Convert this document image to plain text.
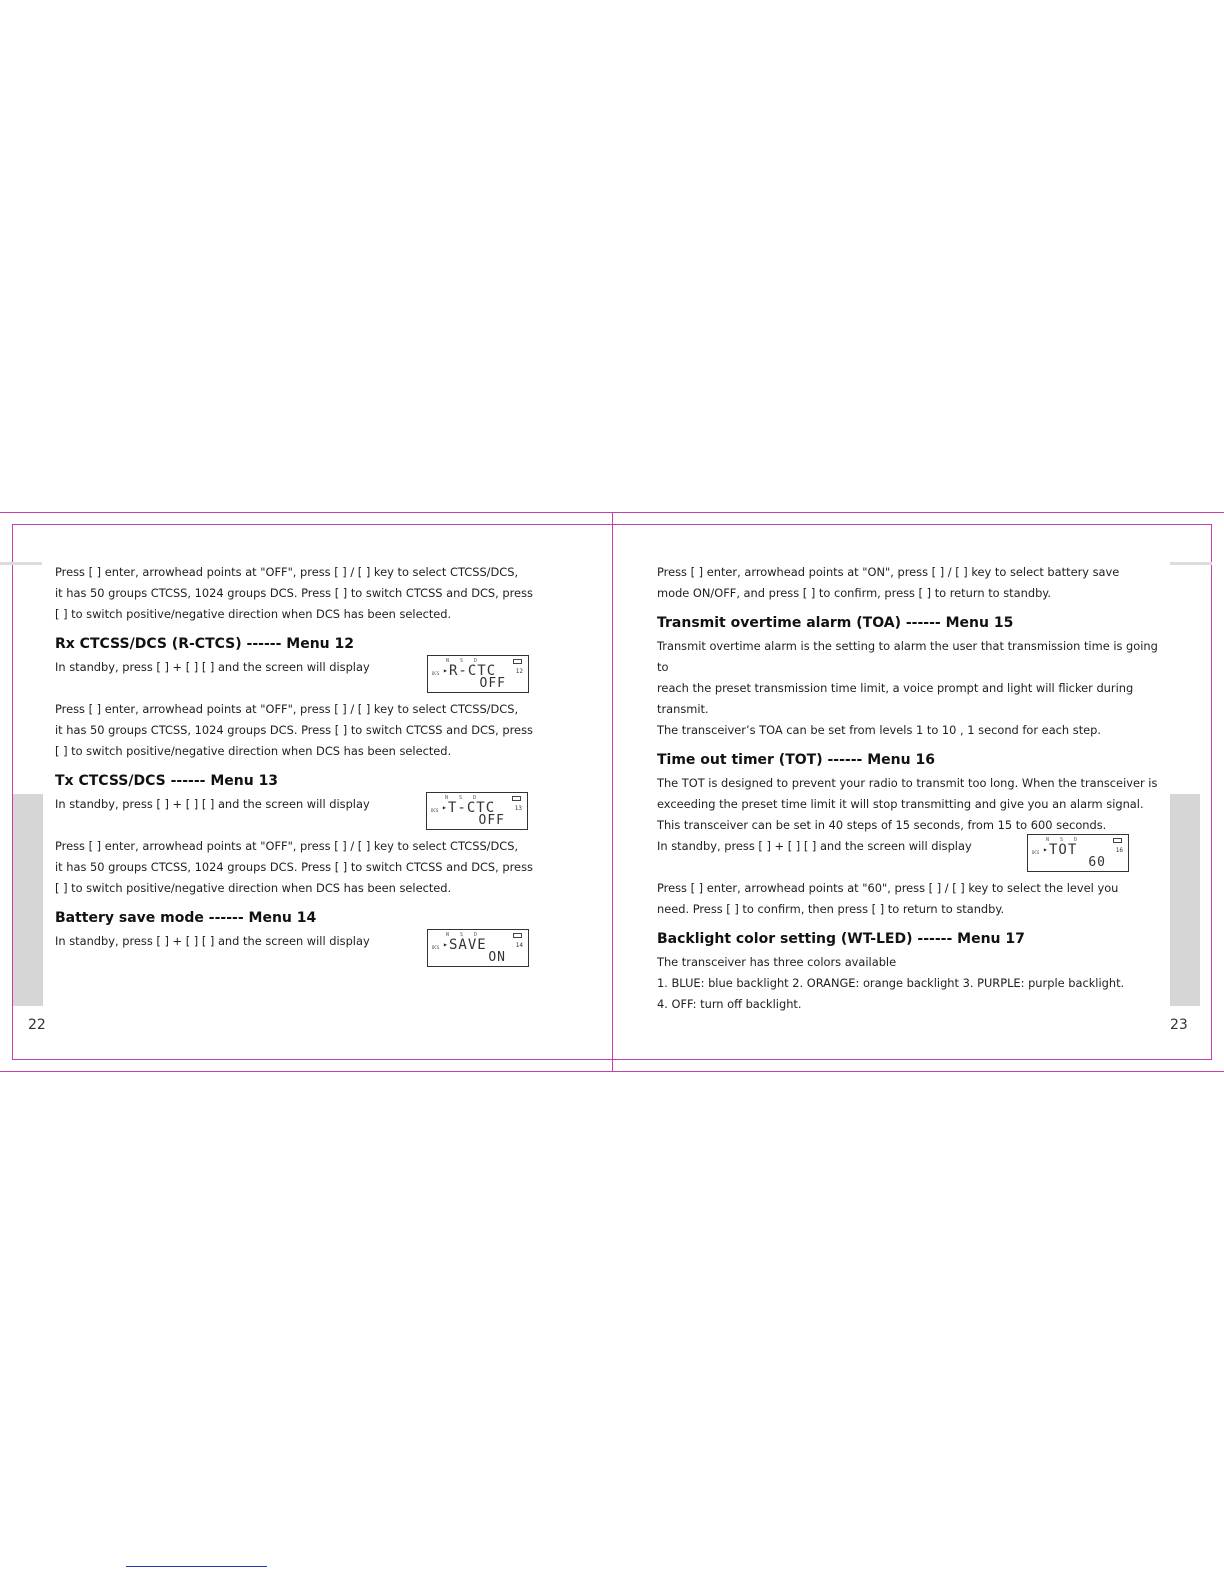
22	23

Press [ ] enter, arrowhead points at "OFF", press [ ] / [ ] key to select CTCSS/DCS,

it has 50 groups CTCSS, 1024 groups DCS. Press [ ] to switch CTCSS and DCS, press

[ ] to switch positive/negative direction when DCS has been selected.

Rx CTCSS/DCS (R-CTCS) ------ Menu 12

In standby, press [ ] + [ ] [ ] and the screen will display	N S D
DCS ▸ R-CTC	12
OFF

Press [ ] enter, arrowhead points at "OFF", press [ ] / [ ] key to select CTCSS/DCS,

it has 50 groups CTCSS, 1024 groups DCS. Press [ ] to switch CTCSS and DCS, press

[ ] to switch positive/negative direction when DCS has been selected.

Tx CTCSS/DCS ------ Menu 13

In standby, press [ ] + [ ] [ ] and the screen will display	N S D
DCS ▸ T-CTC	13
OFF

Press [ ] enter, arrowhead points at "OFF", press [ ] / [ ] key to select CTCSS/DCS,

it has 50 groups CTCSS, 1024 groups DCS. Press [ ] to switch CTCSS and DCS, press

[ ] to switch positive/negative direction when DCS has been selected.

Battery save mode ------ Menu 14

In standby, press [ ] + [ ] [ ] and the screen will display	N S D
DCS ▸ SAVE	14
ON

Press [ ] enter, arrowhead points at "ON", press [ ] / [ ] key to select battery save

mode ON/OFF, and press [ ] to confirm, press [ ] to return to standby.

Transmit overtime alarm (TOA) ------ Menu 15

Transmit overtime alarm is the setting to alarm the user that transmission time is going to

reach the preset transmission time limit, a voice prompt and light will flicker during transmit.

The transceiver’s TOA can be set from levels 1 to 10 , 1 second for each step.

Time out timer (TOT) ------ Menu 16

The TOT is designed to prevent your radio to transmit too long. When the transceiver is

exceeding the preset time limit it will stop transmitting and give you an alarm signal.

This transceiver can be set in 40 steps of 15 seconds, from 15 to 600 seconds.

In standby, press [ ] + [ ] [ ] and the screen will display	N S D
DCS ▸ TOT	16
60

Press [ ] enter, arrowhead points at "60", press [ ] / [ ] key to select the level you

need. Press [ ] to confirm, then press [ ] to return to standby.

Backlight color setting (WT-LED) ------ Menu 17

The transceiver has three colors available

1. BLUE: blue backlight 2. ORANGE: orange backlight 3. PURPLE: purple backlight.

4. OFF: turn off backlight.
